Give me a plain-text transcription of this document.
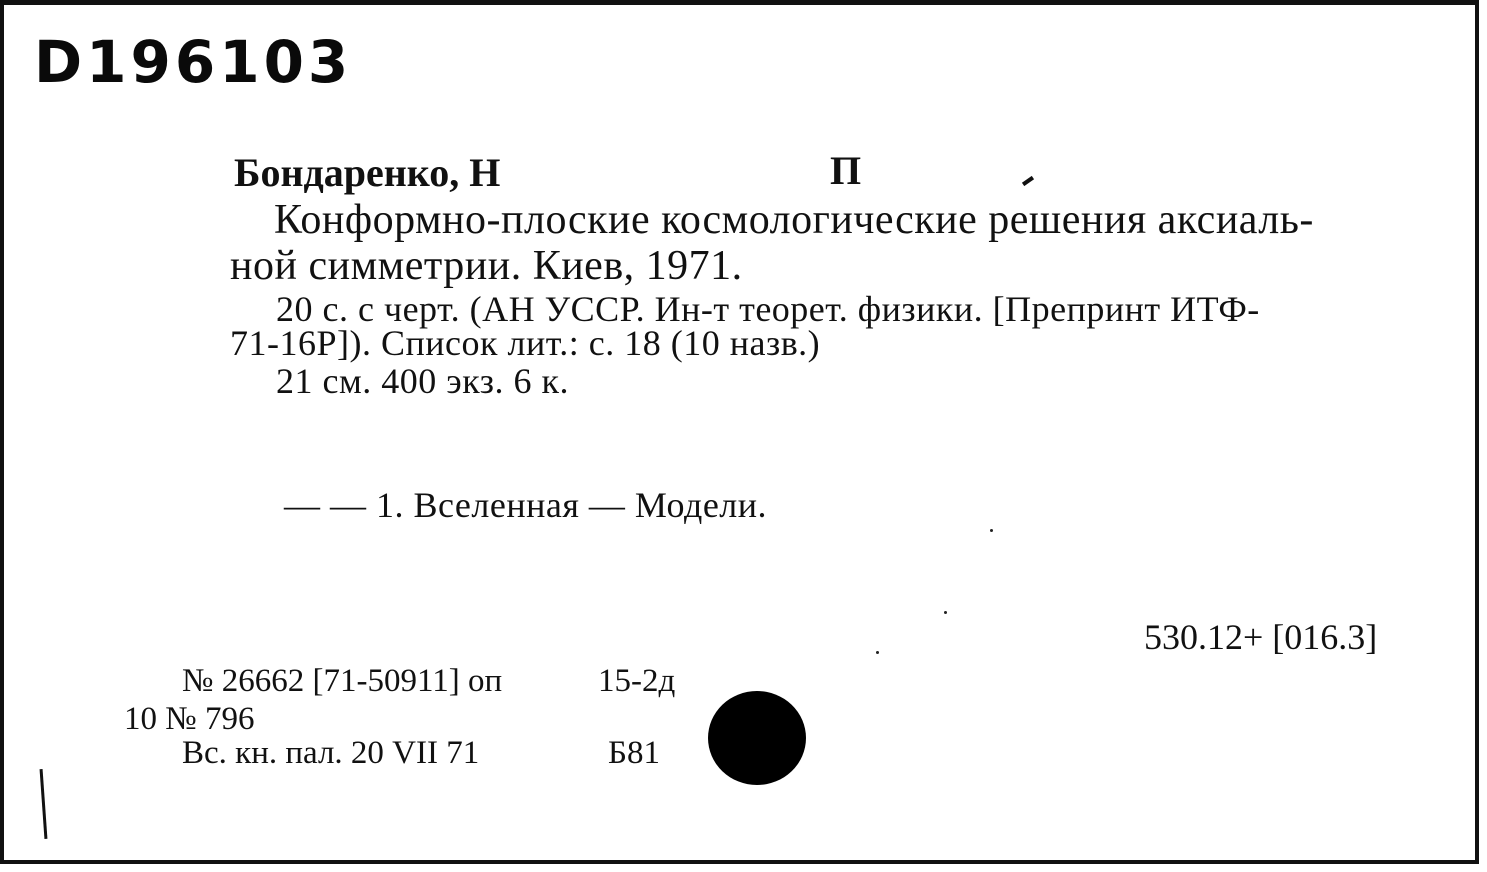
D196103
Бондаренко, Н	П
Конформно-плоские космологические решения аксиаль-
ной симметрии. Киев, 1971.
20 с. с черт. (АН УССР. Ин-т теорет. физики. [Препринт ИТФ-
71-16Р]). Список лит.: с. 18 (10 назв.)
21 см. 400 экз. 6 к.
— — 1. Вселенная — Модели.
530.12+ [016.3]
№ 26662 [71-50911] оп	15-2д
10 № 796
Вс. кн. пал. 20 VII 71	Б81
